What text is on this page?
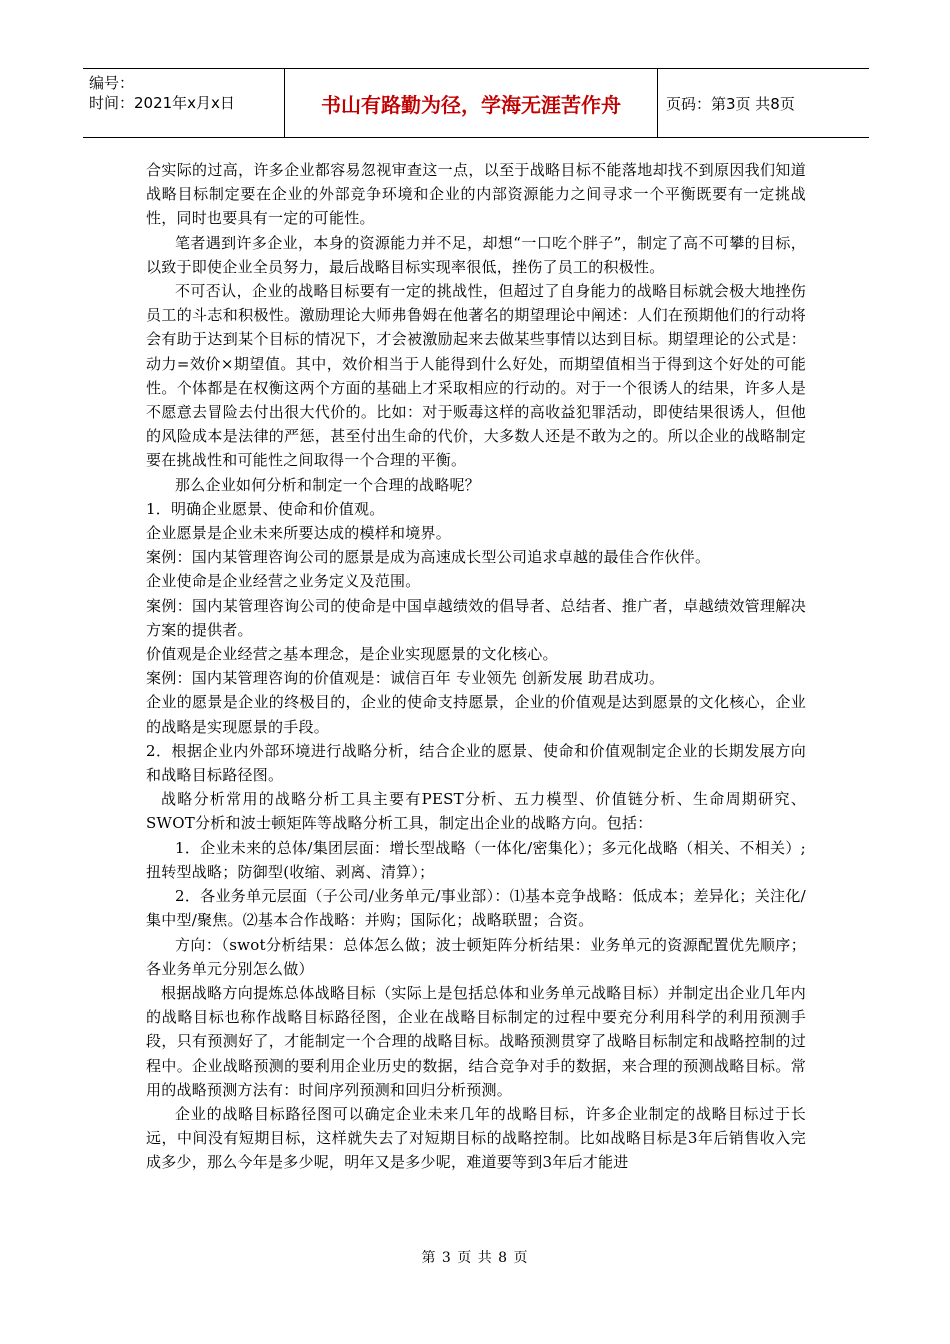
编号：
时间：2021年x月x日	书山有路勤为径，学海无涯苦作舟	页码：第3页 共8页

合实际的过高，许多企业都容易忽视审查这一点，以至于战略目标不能落地却找不到原因我们知道战略目标制定要在企业的外部竞争环境和企业的内部资源能力之间寻求一个平衡既要有一定挑战性，同时也要具有一定的可能性。

笔者遇到许多企业，本身的资源能力并不足，却想“一口吃个胖子”，制定了高不可攀的目标，以致于即使企业全员努力，最后战略目标实现率很低，挫伤了员工的积极性。

不可否认，企业的战略目标要有一定的挑战性，但超过了自身能力的战略目标就会极大地挫伤员工的斗志和积极性。激励理论大师弗鲁姆在他著名的期望理论中阐述：人们在预期他们的行动将会有助于达到某个目标的情况下，才会被激励起来去做某些事情以达到目标。期望理论的公式是：动力=效价×期望值。其中，效价相当于人能得到什么好处，而期望值相当于得到这个好处的可能性。个体都是在权衡这两个方面的基础上才采取相应的行动的。对于一个很诱人的结果，许多人是不愿意去冒险去付出很大代价的。比如：对于贩毒这样的高收益犯罪活动，即使结果很诱人，但他的风险成本是法律的严惩，甚至付出生命的代价，大多数人还是不敢为之的。所以企业的战略制定要在挑战性和可能性之间取得一个合理的平衡。

那么企业如何分析和制定一个合理的战略呢？

1．明确企业愿景、使命和价值观。

企业愿景是企业未来所要达成的模样和境界。

案例：国内某管理咨询公司的愿景是成为高速成长型公司追求卓越的最佳合作伙伴。

企业使命是企业经营之业务定义及范围。

案例：国内某管理咨询公司的使命是中国卓越绩效的倡导者、总结者、推广者，卓越绩效管理解决方案的提供者。

价值观是企业经营之基本理念，是企业实现愿景的文化核心。

案例：国内某管理咨询的价值观是：诚信百年 专业领先 创新发展 助君成功。

企业的愿景是企业的终极目的，企业的使命支持愿景，企业的价值观是达到愿景的文化核心，企业的战略是实现愿景的手段。

2．根据企业内外部环境进行战略分析，结合企业的愿景、使命和价值观制定企业的长期发展方向和战略目标路径图。

战略分析常用的战略分析工具主要有PEST分析、五力模型、价值链分析、生命周期研究、SWOT分析和波士顿矩阵等战略分析工具，制定出企业的战略方向。包括：

1．企业未来的总体/集团层面：增长型战略（一体化/密集化）；多元化战略（相关、不相关）;扭转型战略；防御型(收缩、剥离、清算）；

2．各业务单元层面（子公司/业务单元/事业部）：⑴基本竞争战略：低成本；差异化；关注化/集中型/聚焦。⑵基本合作战略：并购；国际化；战略联盟；合资。

方向：（swot分析结果：总体怎么做；波士顿矩阵分析结果：业务单元的资源配置优先顺序；各业务单元分别怎么做）

根据战略方向提炼总体战略目标（实际上是包括总体和业务单元战略目标）并制定出企业几年内的战略目标也称作战略目标路径图，企业在战略目标制定的过程中要充分利用科学的利用预测手段，只有预测好了，才能制定一个合理的战略目标。战略预测贯穿了战略目标制定和战略控制的过程中。企业战略预测的要利用企业历史的数据，结合竞争对手的数据，来合理的预测战略目标。常用的战略预测方法有：时间序列预测和回归分析预测。

企业的战略目标路径图可以确定企业未来几年的战略目标，许多企业制定的战略目标过于长远，中间没有短期目标，这样就失去了对短期目标的战略控制。比如战略目标是3年后销售收入完成多少，那么今年是多少呢，明年又是多少呢，难道要等到3年后才能进

第 3 页 共 8 页
